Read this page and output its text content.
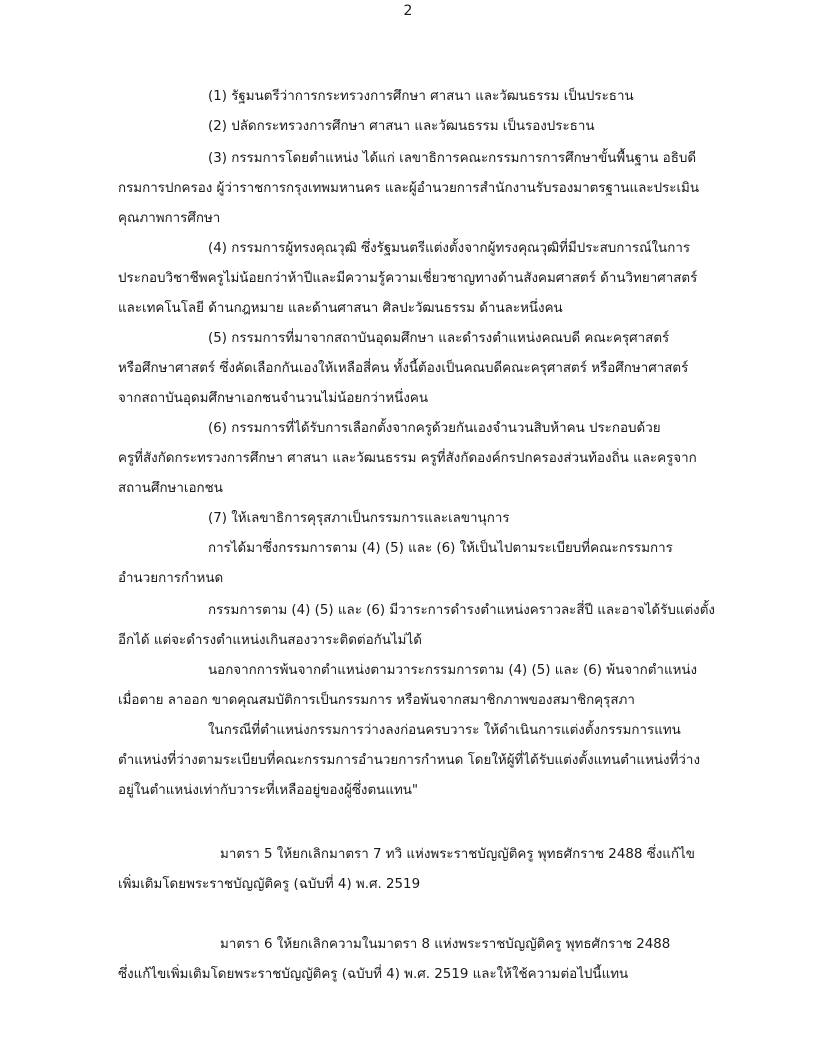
2
(1) รัฐมนตรีว่าการกระทรวงการศึกษา ศาสนา และวัฒนธรรม เป็นประธาน
(2) ปลัดกระทรวงการศึกษา ศาสนา และวัฒนธรรม เป็นรองประธาน
(3) กรรมการโดยตำแหน่ง ได้แก่ เลขาธิการคณะกรรมการการศึกษาขั้นพื้นฐาน อธิบดี
กรมการปกครอง ผู้ว่าราชการกรุงเทพมหานคร และผู้อำนวยการสำนักงานรับรองมาตรฐานและประเมิน
คุณภาพการศึกษา
(4) กรรมการผู้ทรงคุณวุฒิ ซึ่งรัฐมนตรีแต่งตั้งจากผู้ทรงคุณวุฒิที่มีประสบการณ์ในการ
ประกอบวิชาชีพครูไม่น้อยกว่าห้าปีและมีความรู้ความเชี่ยวชาญทางด้านสังคมศาสตร์ ด้านวิทยาศาสตร์
และเทคโนโลยี ด้านกฎหมาย และด้านศาสนา ศิลปะวัฒนธรรม ด้านละหนึ่งคน
(5) กรรมการที่มาจากสถาบันอุดมศึกษา และดำรงตำแหน่งคณบดี คณะครุศาสตร์
หรือศึกษาศาสตร์ ซึ่งคัดเลือกกันเองให้เหลือสี่คน ทั้งนี้ต้องเป็นคณบดีคณะครุศาสตร์ หรือศึกษาศาสตร์
จากสถาบันอุดมศึกษาเอกชนจำนวนไม่น้อยกว่าหนึ่งคน
(6) กรรมการที่ได้รับการเลือกตั้งจากครูด้วยกันเองจำนวนสิบห้าคน ประกอบด้วย
ครูที่สังกัดกระทรวงการศึกษา ศาสนา และวัฒนธรรม ครูที่สังกัดองค์กรปกครองส่วนท้องถิ่น และครูจาก
สถานศึกษาเอกชน
(7) ให้เลขาธิการคุรุสภาเป็นกรรมการและเลขานุการ
การได้มาซึ่งกรรมการตาม (4) (5) และ (6) ให้เป็นไปตามระเบียบที่คณะกรรมการ
อำนวยการกำหนด
กรรมการตาม (4) (5) และ (6) มีวาระการดำรงตำแหน่งคราวละสี่ปี และอาจได้รับแต่งตั้ง
อีกได้ แต่จะดำรงตำแหน่งเกินสองวาระติดต่อกันไม่ได้
นอกจากการพ้นจากตำแหน่งตามวาระกรรมการตาม (4) (5) และ (6) พ้นจากตำแหน่ง
เมื่อตาย ลาออก ขาดคุณสมบัติการเป็นกรรมการ หรือพ้นจากสมาชิกภาพของสมาชิกคุรุสภา
ในกรณีที่ตำแหน่งกรรมการว่างลงก่อนครบวาระ ให้ดำเนินการแต่งตั้งกรรมการแทน
ตำแหน่งที่ว่างตามระเบียบที่คณะกรรมการอำนวยการกำหนด โดยให้ผู้ที่ได้รับแต่งตั้งแทนตำแหน่งที่ว่าง
อยู่ในตำแหน่งเท่ากับวาระที่เหลืออยู่ของผู้ซึ่งตนแทน"
มาตรา 5 ให้ยกเลิกมาตรา 7 ทวิ แห่งพระราชบัญญัติครู พุทธศักราช 2488 ซึ่งแก้ไข
เพิ่มเติมโดยพระราชบัญญัติครู (ฉบับที่ 4) พ.ศ. 2519
มาตรา 6 ให้ยกเลิกความในมาตรา 8 แห่งพระราชบัญญัติครู พุทธศักราช 2488
ซึ่งแก้ไขเพิ่มเติมโดยพระราชบัญญัติครู (ฉบับที่ 4) พ.ศ. 2519 และให้ใช้ความต่อไปนี้แทน
